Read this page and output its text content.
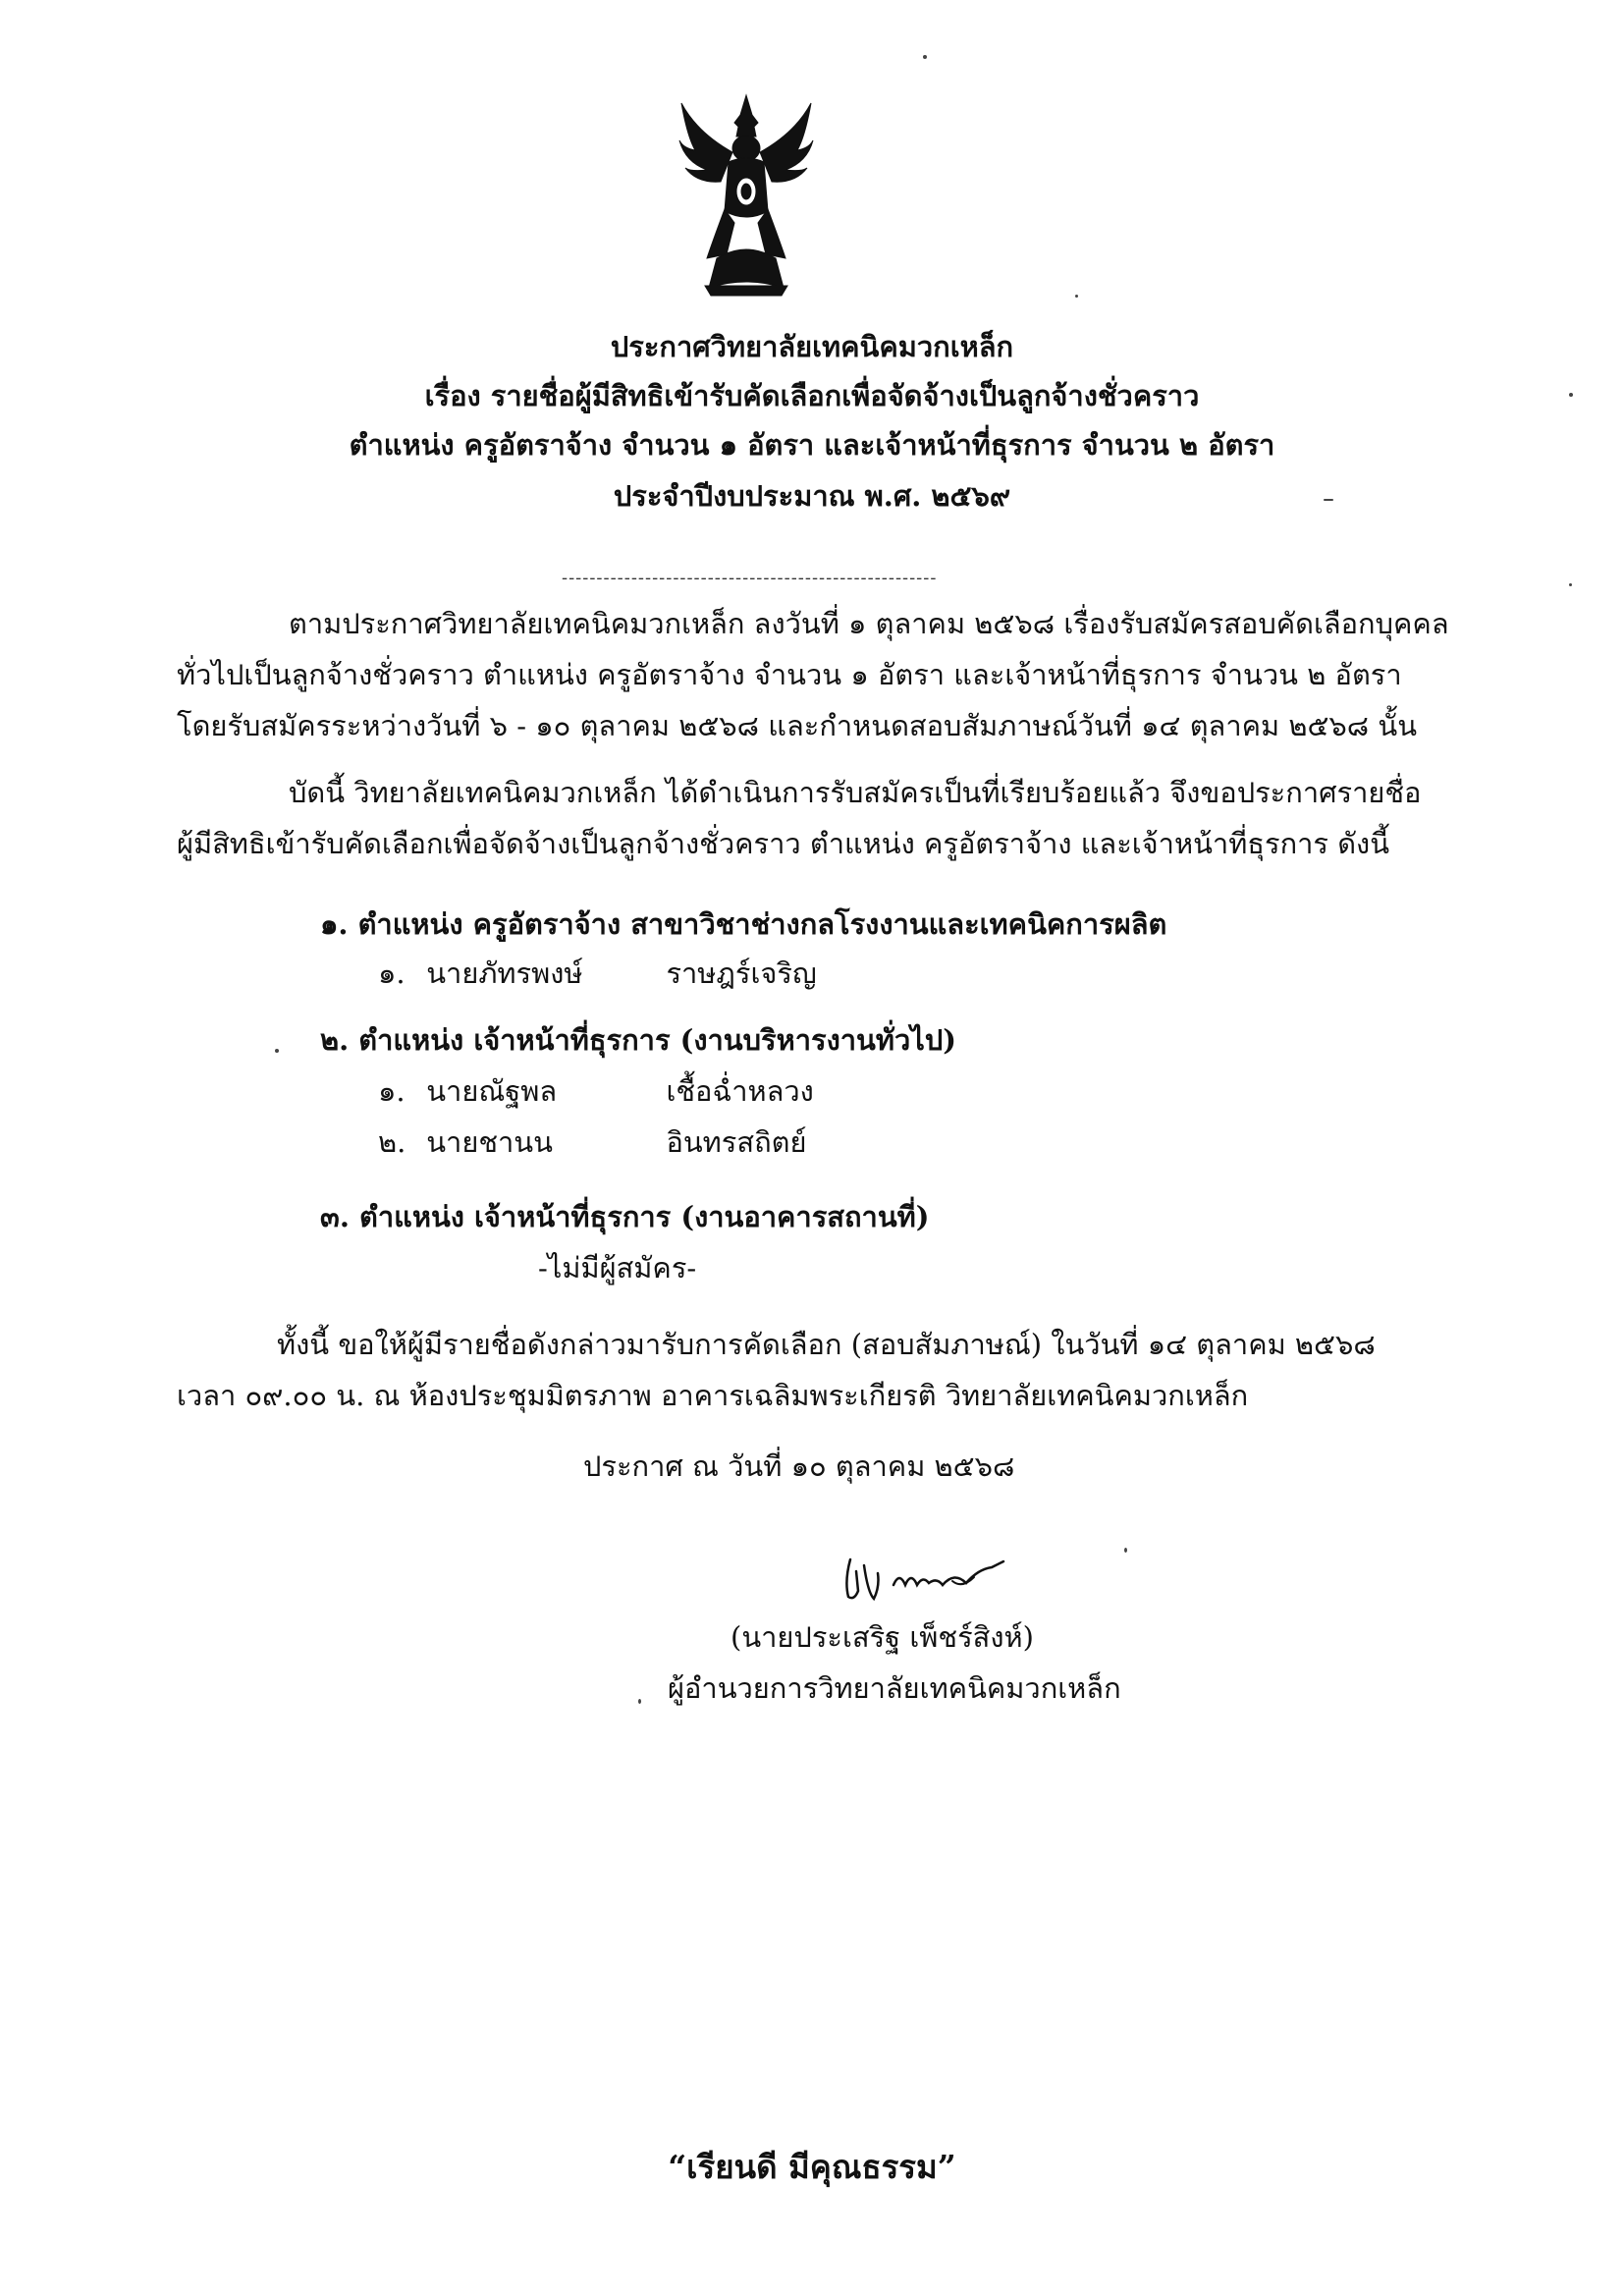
ประกาศวิทยาลัยเทคนิคมวกเหล็ก
เรื่อง รายชื่อผู้มีสิทธิเข้ารับคัดเลือกเพื่อจัดจ้างเป็นลูกจ้างชั่วคราว
ตำแหน่ง ครูอัตราจ้าง จำนวน ๑ อัตรา และเจ้าหน้าที่ธุรการ จำนวน ๒ อัตรา
ประจำปีงบประมาณ พ.ศ. ๒๕๖๙
------------------------------------------------------
ตามประกาศวิทยาลัยเทคนิคมวกเหล็ก ลงวันที่ ๑ ตุลาคม ๒๕๖๘ เรื่องรับสมัครสอบคัดเลือกบุคคล
ทั่วไปเป็นลูกจ้างชั่วคราว ตำแหน่ง ครูอัตราจ้าง จำนวน ๑ อัตรา และเจ้าหน้าที่ธุรการ จำนวน ๒ อัตรา
โดยรับสมัครระหว่างวันที่ ๖ - ๑๐ ตุลาคม ๒๕๖๘ และกำหนดสอบสัมภาษณ์วันที่ ๑๔ ตุลาคม ๒๕๖๘ นั้น
บัดนี้ วิทยาลัยเทคนิคมวกเหล็ก ได้ดำเนินการรับสมัครเป็นที่เรียบร้อยแล้ว จึงขอประกาศรายชื่อ
ผู้มีสิทธิเข้ารับคัดเลือกเพื่อจัดจ้างเป็นลูกจ้างชั่วคราว ตำแหน่ง ครูอัตราจ้าง และเจ้าหน้าที่ธุรการ ดังนี้
๑. ตำแหน่ง ครูอัตราจ้าง สาขาวิชาช่างกลโรงงานและเทคนิคการผลิต
๑. นายภัทรพงษ์	ราษฎร์เจริญ
๒. ตำแหน่ง เจ้าหน้าที่ธุรการ (งานบริหารงานทั่วไป)
๑. นายณัฐพล	เชื้อฉ่ำหลวง
๒. นายชานน	อินทรสถิตย์
๓. ตำแหน่ง เจ้าหน้าที่ธุรการ (งานอาคารสถานที่)
-ไม่มีผู้สมัคร-
ทั้งนี้ ขอให้ผู้มีรายชื่อดังกล่าวมารับการคัดเลือก (สอบสัมภาษณ์) ในวันที่ ๑๔ ตุลาคม ๒๕๖๘
เวลา ๐๙.๐๐ น. ณ ห้องประชุมมิตรภาพ อาคารเฉลิมพระเกียรติ วิทยาลัยเทคนิคมวกเหล็ก
ประกาศ ณ วันที่ ๑๐ ตุลาคม ๒๕๖๘
(นายประเสริฐ เพ็ชร์สิงห์)
ผู้อำนวยการวิทยาลัยเทคนิคมวกเหล็ก
“เรียนดี มีคุณธรรม”
